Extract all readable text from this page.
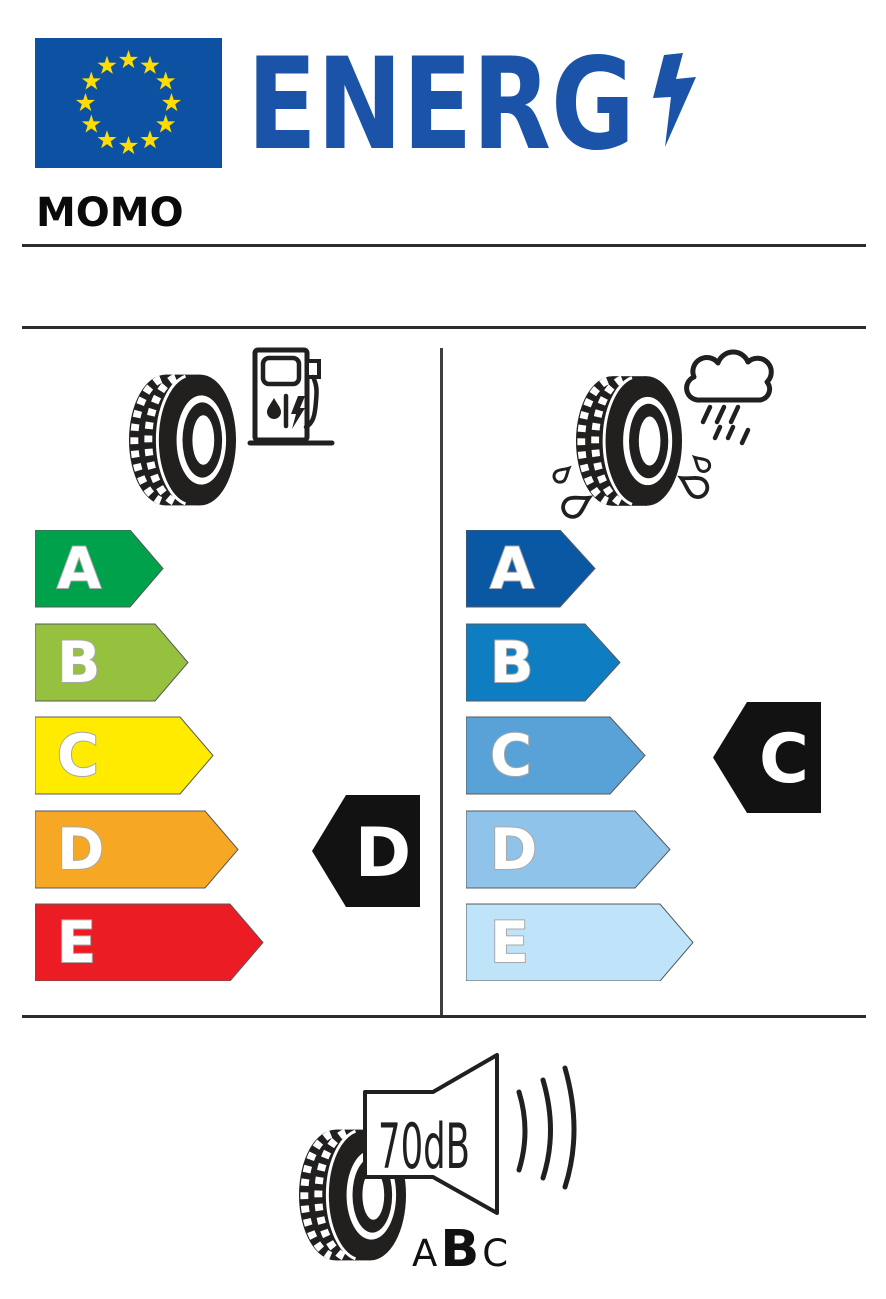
ENERG
MOMO
A
B
C
D
E
A
B
C
D
E
D
C
70dB
A B C
